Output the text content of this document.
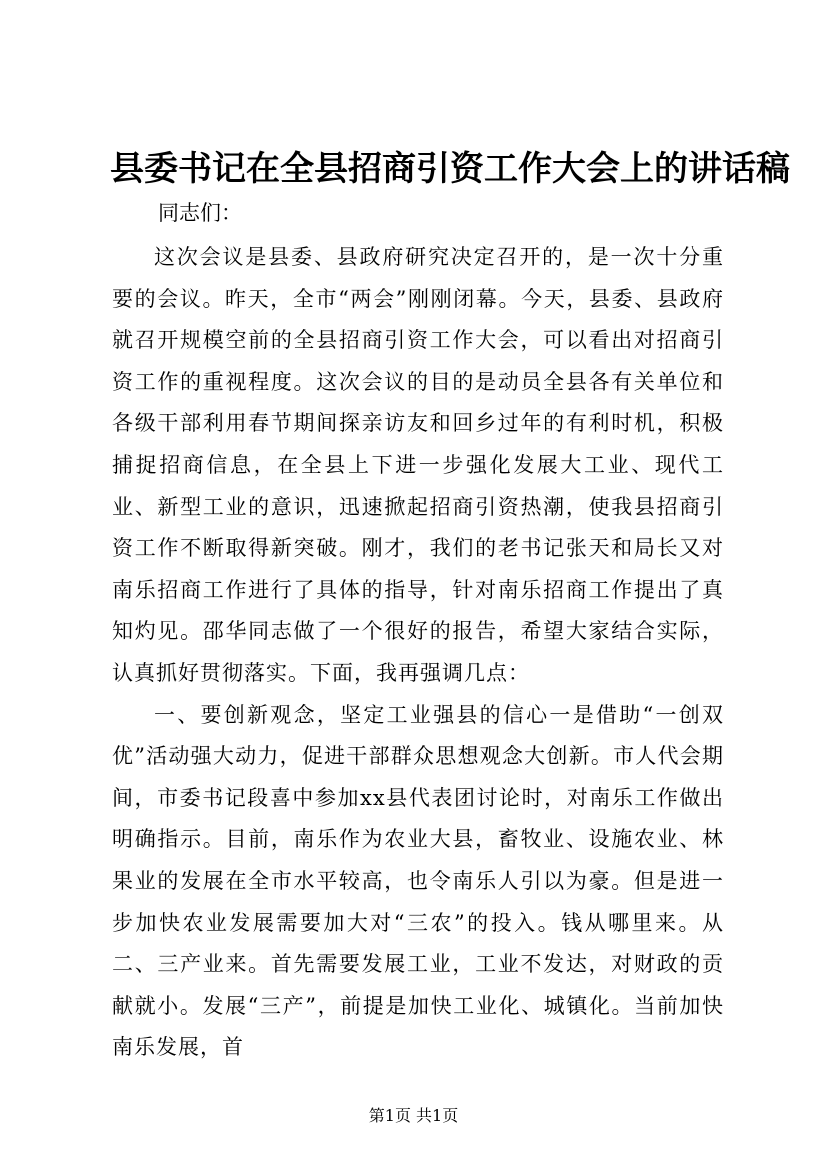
县委书记在全县招商引资工作大会上的讲话稿

同志们：

这次会议是县委、县政府研究决定召开的，是一次十分重要的会议。昨天，全市“两会”刚刚闭幕。今天，县委、县政府就召开规模空前的全县招商引资工作大会，可以看出对招商引资工作的重视程度。这次会议的目的是动员全县各有关单位和各级干部利用春节期间探亲访友和回乡过年的有利时机，积极捕捉招商信息，在全县上下进一步强化发展大工业、现代工业、新型工业的意识，迅速掀起招商引资热潮，使我县招商引资工作不断取得新突破。刚才，我们的老书记张天和局长又对南乐招商工作进行了具体的指导，针对南乐招商工作提出了真知灼见。邵华同志做了一个很好的报告，希望大家结合实际，认真抓好贯彻落实。下面，我再强调几点：

一、要创新观念，坚定工业强县的信心一是借助“一创双优”活动强大动力，促进干部群众思想观念大创新。市人代会期间，市委书记段喜中参加xx县代表团讨论时，对南乐工作做出明确指示。目前，南乐作为农业大县，畜牧业、设施农业、林果业的发展在全市水平较高，也令南乐人引以为豪。但是进一步加快农业发展需要加大对“三农”的投入。钱从哪里来。从二、三产业来。首先需要发展工业，工业不发达，对财政的贡献就小。发展“三产”，前提是加快工业化、城镇化。当前加快南乐发展，首

第1页 共1页
